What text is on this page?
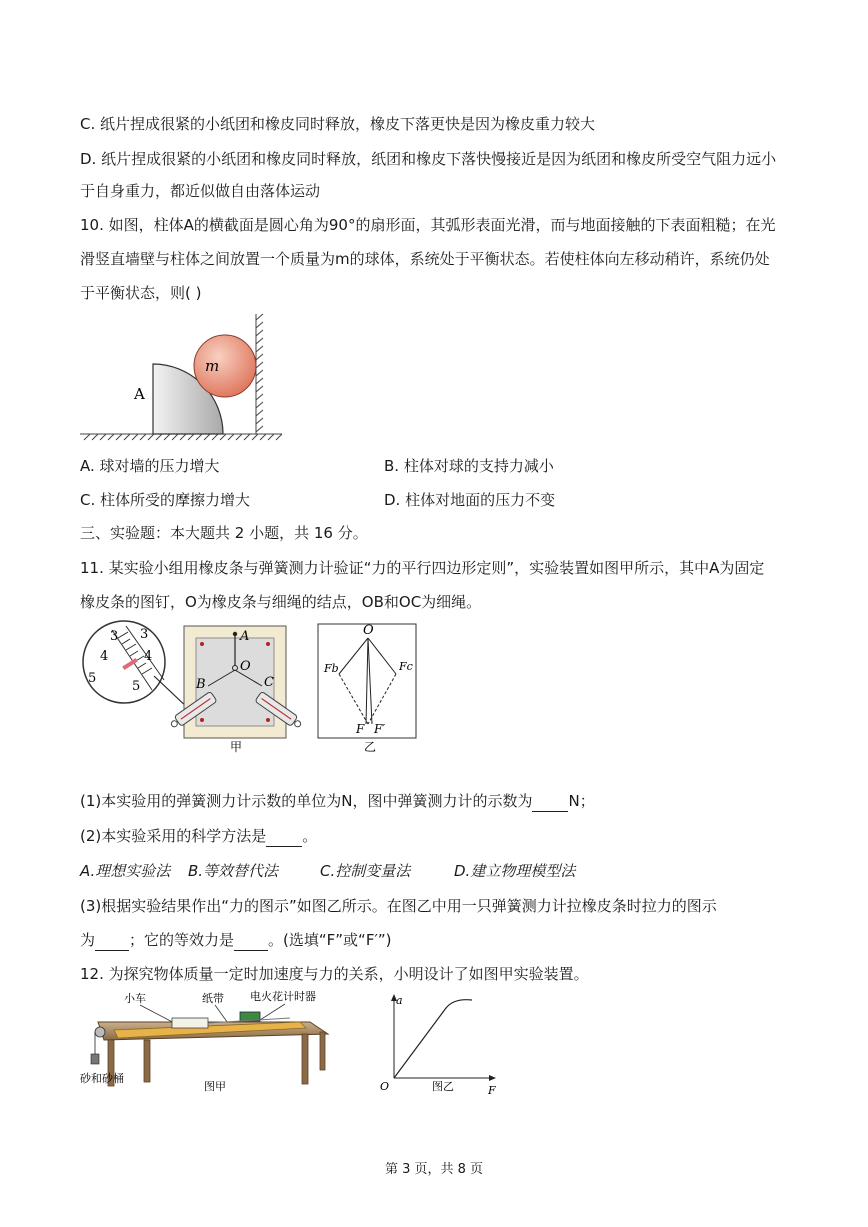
C. 纸片捏成很紧的小纸团和橡皮同时释放，橡皮下落更快是因为橡皮重力较大
D. 纸片捏成很紧的小纸团和橡皮同时释放，纸团和橡皮下落快慢接近是因为纸团和橡皮所受空气阻力远小
于自身重力，都近似做自由落体运动
10. 如图，柱体A的横截面是圆心角为90°的扇形面，其弧形表面光滑，而与地面接触的下表面粗糙；在光
滑竖直墙壁与柱体之间放置一个质量为m的球体，系统处于平衡状态。若使柱体向左移动稍许，系统仍处
于平衡状态，则( )
A
m
A. 球对墙的压力增大	B. 柱体对球的支持力减小
C. 柱体所受的摩擦力增大	D. 柱体对地面的压力不变
三、实验题：本大题共 2 小题，共 16 分。
11. 某实验小组用橡皮条与弹簧测力计验证“力的平行四边形定则”，实验装置如图甲所示，其中A为固定
橡皮条的图钉，O为橡皮条与细绳的结点，OB和OC为细绳。
3 3
4	4
5
5
A
O
B	C
甲
O
Fb	Fc
F F′
乙
(1)本实验用的弹簧测力计示数的单位为N，图中弹簧测力计的示数为 N；
(2)本实验采用的科学方法是 。
A.理想实验法 B.等效替代法	C.控制变量法	D.建立物理模型法
(3)根据实验结果作出“力的图示”如图乙所示。在图乙中用一只弹簧测力计拉橡皮条时拉力的图示
为 ；它的等效力是 。(选填“F”或“F′”)
12. 为探究物体质量一定时加速度与力的关系，小明设计了如图甲实验装置。
小车	纸带 电火花计时器
砂和砂桶
图甲
a
F
O	图乙
第 3 页，共 8 页
